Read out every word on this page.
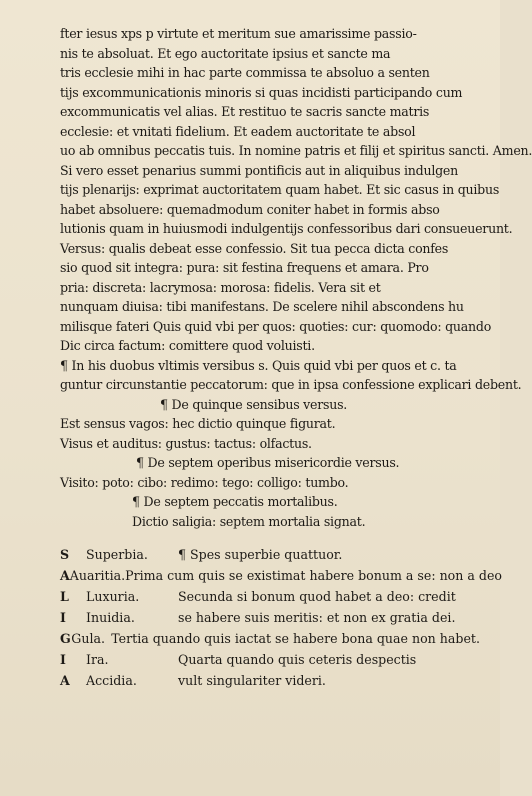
fter iesus xps p virtute et meritum sue amarissime passio-
nis te absoluat. Et ego auctoritate ipsius et sancte ma
tris ecclesie mihi in hac parte commissa te absoluo a senten
tijs excommunicationis minoris si quas incidisti participando cum
excommunicatis vel alias. Et restituo te sacris sancte matris
ecclesie: et vnitati fidelium. Et eadem auctoritate te absol
uo ab omnibus peccatis tuis. In nomine patris et filij et spiritus sancti. Amen.
Si vero esset penarius summi pontificis aut in aliquibus indulgen
tijs plenarijs: exprimat auctoritatem quam habet. Et sic casus in quibus
habet absoluere: quemadmodum coniter habet in formis abso
lutionis quam in huiusmodi indulgentijs confessoribus dari consueuerunt.
Versus: qualis debeat esse confessio. Sit tua pecca dicta confes
sio quod sit integra: pura: sit festina frequens et amara. Pro
pria: discreta: lacrymosa: morosa: fidelis. Vera sit et
nunquam diuisa: tibi manifestans. De scelere nihil abscondens hu
milisque fateri Quis quid vbi per quos: quoties: cur: quomodo: quando
Dic circa factum: comittere quod voluisti.
¶ In his duobus vltimis versibus s. Quis quid vbi per quos et c. ta
guntur circunstantie peccatorum: que in ipsa confessione explicari debent.
¶ De quinque sensibus versus.
Est sensus vagos: hec dictio quinque figurat.
Visus et auditus: gustus: tactus: olfactus.
¶ De septem operibus misericordie versus.
Visito: poto: cibo: redimo: tego: colligo: tumbo.
¶ De septem peccatis mortalibus.
Dictio saligia: septem mortalia signat.
S	Superbia.	¶ Spes superbie quattuor.
A Auaritia. Prima cum quis se existimat habere bonum a se: non a deo
L	Luxuria.	Secunda si bonum quod habet a deo: credit
I	Inuidia.	se habere suis meritis: et non ex gratia dei.
G Gula. Tertia quando quis iactat se habere bona quae non habet.
I	Ira.	Quarta quando quis ceteris despectis
A	Accidia.	vult singulariter videri.
